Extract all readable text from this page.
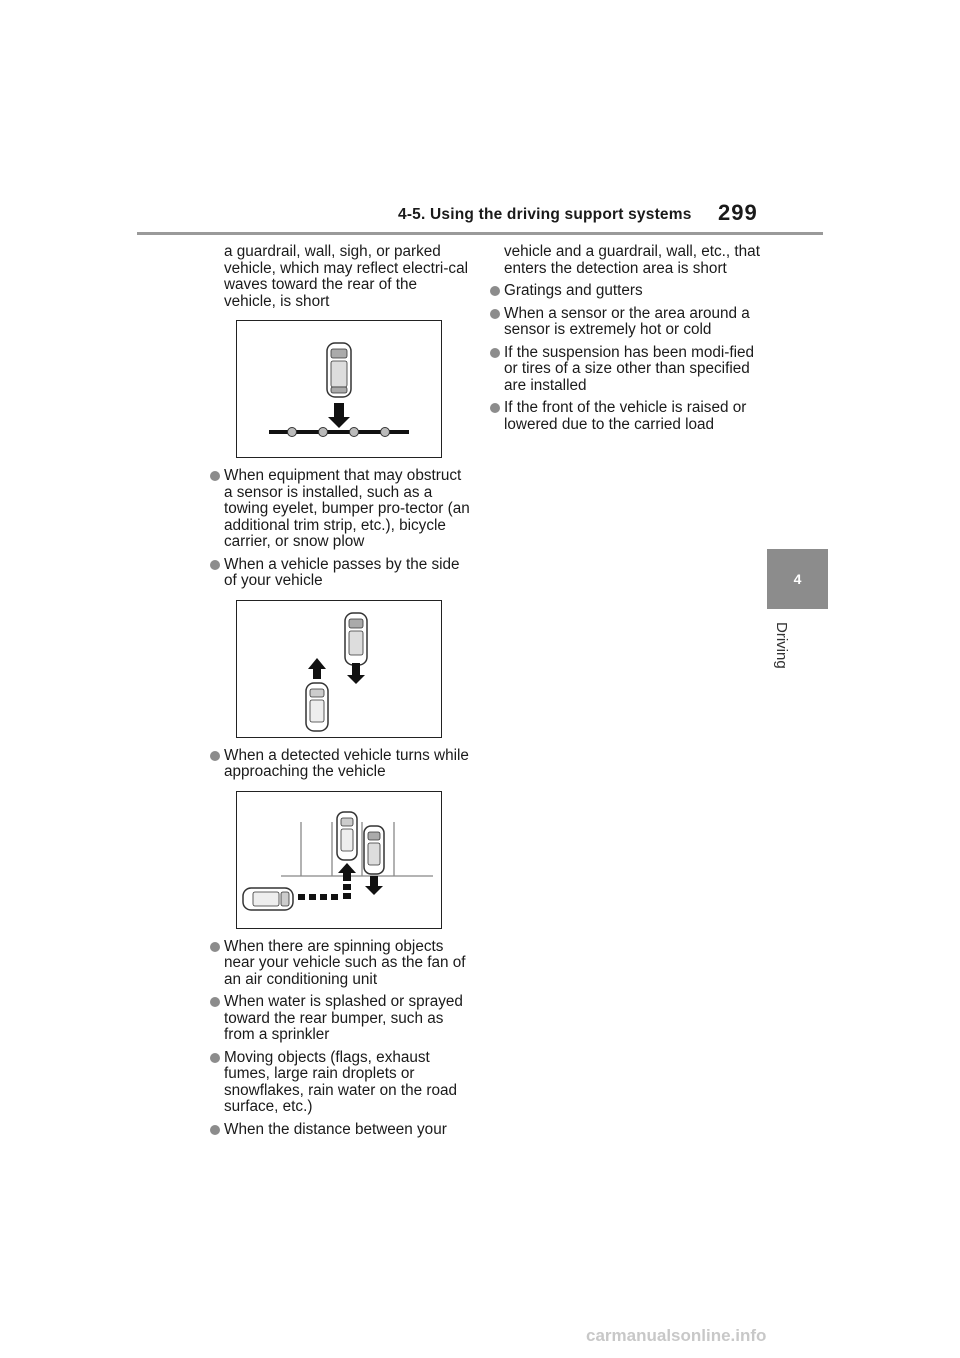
4-5. Using the driving support systems 299
4
Driving

a guardrail, wall, sigh, or parked vehicle, which may reflect electri-cal waves toward the rear of the vehicle, is short

When equipment that may obstruct a sensor is installed, such as a towing eyelet, bumper pro-tector (an additional trim strip, etc.), bicycle carrier, or snow plow
When a vehicle passes by the side of your vehicle
When a detected vehicle turns while approaching the vehicle
When there are spinning objects near your vehicle such as the fan of an air conditioning unit
When water is splashed or sprayed toward the rear bumper, such as from a sprinkler
Moving objects (flags, exhaust fumes, large rain droplets or snowflakes, rain water on the road surface, etc.)
When the distance between your

vehicle and a guardrail, wall, etc., that enters the detection area is short

Gratings and gutters
When a sensor or the area around a sensor is extremely hot or cold
If the suspension has been modi-fied or tires of a size other than specified are installed
If the front of the vehicle is raised or lowered due to the carried load
carmanualsonline.info
